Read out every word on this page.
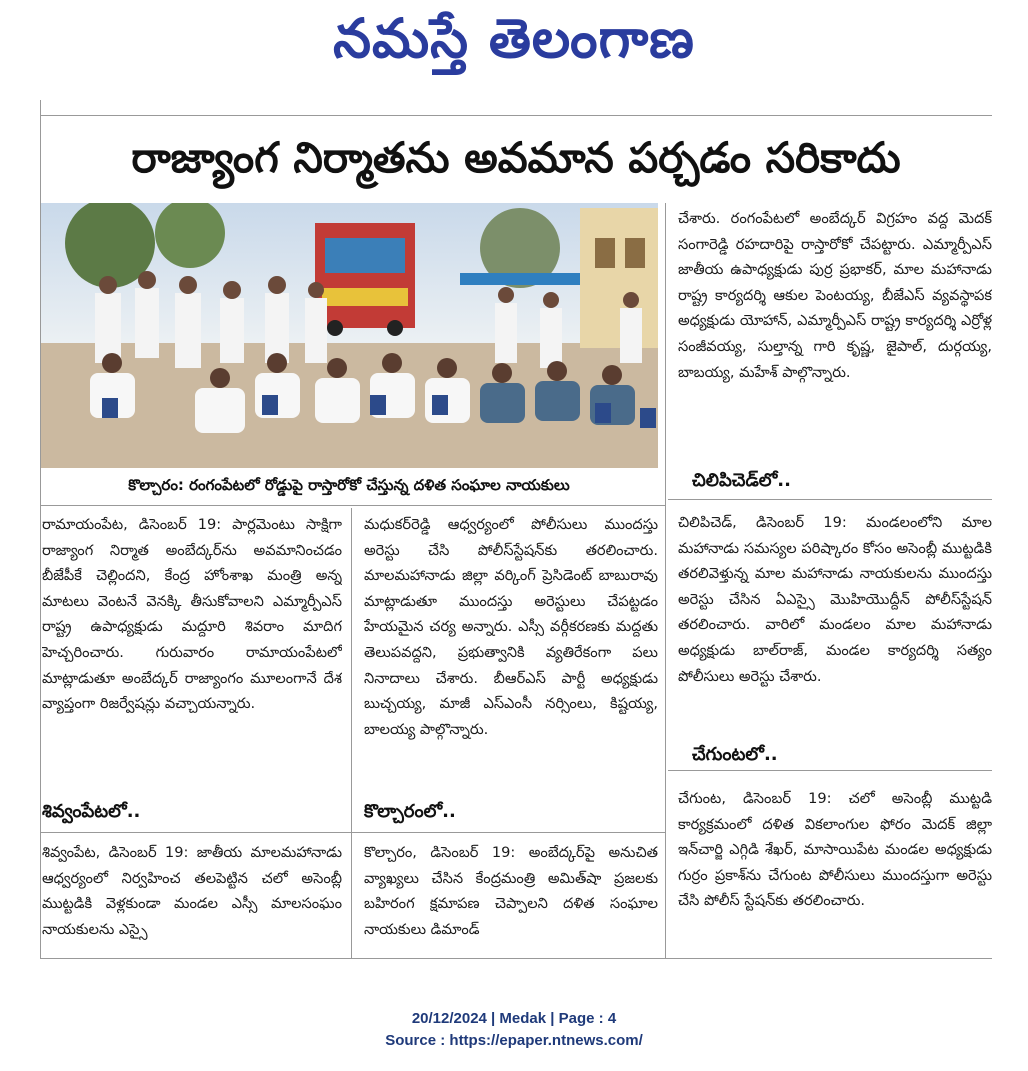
నమస్తే తెలంగాణ
రాజ్యాంగ నిర్మాతను అవమాన పర్చడం సరికాదు
కొల్చారం: రంగంపేటలో రోడ్డుపై రాస్తారోకో చేస్తున్న దళిత సంఘాల నాయకులు

చేశారు. రంగంపేటలో అంబేద్కర్ విగ్రహం వద్ద మెదక్ సంగారెడ్డి రహదారిపై రాస్తారోకో చేపట్టారు. ఎమ్మార్పీఎస్ జాతీయ ఉపాధ్యక్షుడు పుర్ర ప్రభాకర్, మాల మహానాడు రాష్ట్ర కార్యదర్శి ఆకుల పెంటయ్య, బీజేఎస్ వ్యవస్థాపక అధ్యక్షుడు యోహాన్, ఎమ్మార్పీఎస్ రాష్ట్ర కార్యదర్శి ఎర్రోళ్ల సంజీవయ్య, సుల్తాన్న గారి కృష్ణ, జైపాల్, దుర్గయ్య, బాబయ్య, మహేశ్ పాల్గొన్నారు.

చిలిపిచెడ్‌లో..

చిలిపిచెడ్, డిసెంబర్ 19: మండలంలోని మాల మహానాడు సమస్యల పరిష్కారం కోసం అసెంబ్లీ ముట్టడికి తరలివెళ్తున్న మాల మహానాడు నాయకులను ముందస్తు అరెస్టు చేసిన ఏఎస్సై మొహియొద్దీన్ పోలీస్‌స్టేషన్ తరలించారు. వారిలో మండలం మాల మహానాడు అధ్యక్షుడు బాల్‌రాజ్, మండల కార్యదర్శి సత్యం పోలీసులు అరెస్టు చేశారు.

చేగుంటలో..

చేగుంట, డిసెంబర్ 19: చలో అసెంబ్లీ ముట్టడి కార్యక్రమంలో దళిత వికలాంగుల ఫోరం మెదక్ జిల్లా ఇన్‌చార్జి ఎగ్గిడి శేఖర్, మాసాయిపేట మండల అధ్యక్షుడు గుర్రం ప్రకాశ్‌ను చేగుంట పోలీసులు ముందస్తుగా అరెస్టు చేసి పోలీస్ స్టేషన్‌కు తరలించారు.

రామాయంపేట, డిసెంబర్ 19: పార్లమెంటు సాక్షిగా రాజ్యాంగ నిర్మాత అంబేద్కర్‌ను అవమానించడం బీజేపీకే చెల్లిందని, కేంద్ర హోంశాఖ మంత్రి అన్న మాటలు వెంటనే వెనక్కి తీసుకోవాలని ఎమ్మార్పీఎస్ రాష్ట్ర ఉపాధ్యక్షుడు మద్దూరి శివరాం మాదిగ హెచ్చరించారు. గురువారం రామాయంపేటలో మాట్లాడుతూ అంబేద్కర్ రాజ్యాంగం మూలంగానే దేశ వ్యాప్తంగా రిజర్వేషన్లు వచ్చాయన్నారు.

శివ్వంపేటలో..

శివ్వంపేట, డిసెంబర్ 19: జాతీయ మాలమహానాడు ఆధ్వర్యంలో నిర్వహించ తలపెట్టిన చలో అసెంబ్లీ ముట్టడికి వెళ్లకుండా మండల ఎస్సీ మాలసంఘం నాయకులను ఎస్సై

మధుకర్‌రెడ్డి ఆధ్వర్యంలో పోలీసులు ముందస్తు అరెస్టు చేసి పోలీస్‌స్టేషన్‌కు తరలించారు. మాలమహానాడు జిల్లా వర్కింగ్ ప్రెసిడెంట్ బాబురావు మాట్లాడుతూ ముందస్తు అరెస్టులు చేపట్టడం హేయమైన చర్య అన్నారు. ఎస్సీ వర్గీకరణకు మద్దతు తెలుపవద్దని, ప్రభుత్వానికి వ్యతిరేకంగా పలు నినాదాలు చేశారు. బీఆర్ఎస్ పార్టీ అధ్యక్షుడు బుచ్చయ్య, మాజీ ఎస్ఎంసీ నర్సింలు, కిష్టయ్య, బాలయ్య పాల్గొన్నారు.

కొల్చారంలో..

కొల్చారం, డిసెంబర్ 19: అంబేద్కర్‌పై అనుచిత వ్యాఖ్యలు చేసిన కేంద్రమంత్రి అమిత్‌షా ప్రజలకు బహిరంగ క్షమాపణ చెప్పాలని దళిత సంఘాల నాయకులు డిమాండ్

20/12/2024 | Medak | Page : 4
Source : https://epaper.ntnews.com/
